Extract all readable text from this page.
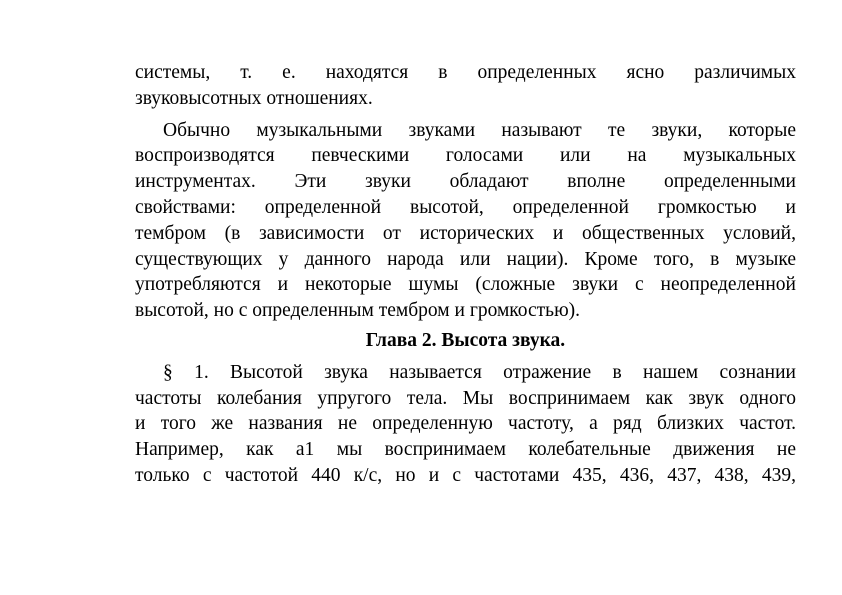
системы, т. е. находятся в определенных ясно различимых
звуковысотных отношениях.
Обычно музыкальными звуками называют те звуки, которые
воспроизводятся певческими голосами или на музыкальных
инструментах. Эти звуки обладают вполне определенными
свойствами: определенной высотой, определенной громкостью и
тембром (в зависимости от исторических и общественных условий,
существующих у данного народа или нации). Кроме того, в музыке
употребляются и некоторые шумы (сложные звуки с неопределенной
высотой, но с определенным тембром и громкостью).
Глава 2. Высота звука.
§ 1. Высотой звука называется отражение в нашем сознании
частоты колебания упругого тела. Мы воспринимаем как звук одного
и того же названия не определенную частоту, а ряд близких частот.
Например, как а1 мы воспринимаем колебательные движения не
только с частотой 440 к/с, но и с частотами 435, 436, 437, 438, 439,
